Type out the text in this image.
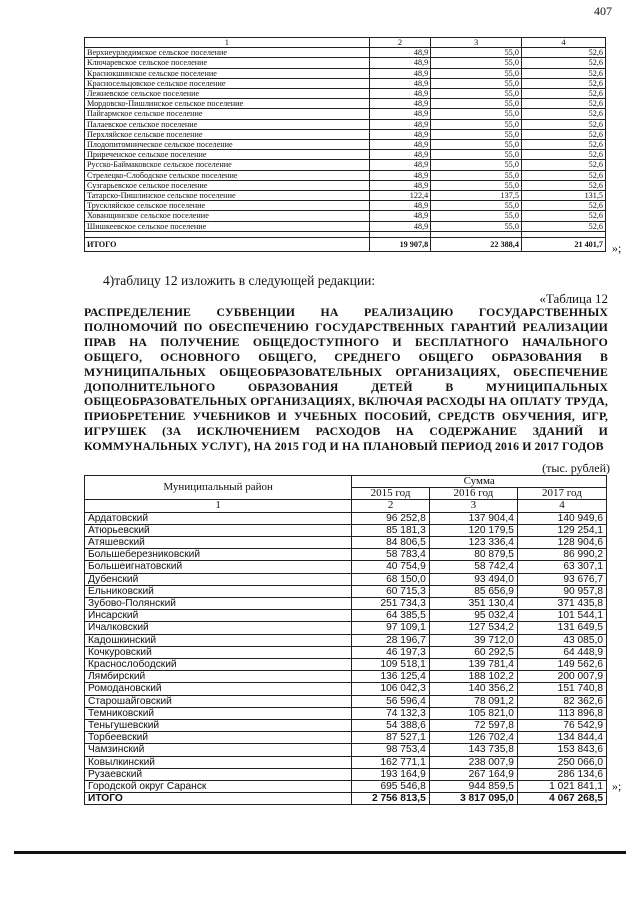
407
1	2	3	4
Верхнеурледимское сельское поселение	48,9	55,0	52,6
Ключаревское сельское поселение	48,9	55,0	52,6
Краснокшинское сельское поселение	48,9	55,0	52,6
Красносельцовское сельское поселение	48,9	55,0	52,6
Лежневское сельское поселение	48,9	55,0	52,6
Мордовско-Пишлинское сельское поселение	48,9	55,0	52,6
Пайгармское сельское поселение	48,9	55,0	52,6
Палаевское сельское поселение	48,9	55,0	52,6
Перхляйское сельское поселение	48,9	55,0	52,6
Плодопитомническое сельское поселение	48,9	55,0	52,6
Приреченское сельское поселение	48,9	55,0	52,6
Русско-Баймаковское сельское поселение	48,9	55,0	52,6
Стрелецко-Слободское сельское поселение	48,9	55,0	52,6
Сузгарьевское сельское поселение	48,9	55,0	52,6
Татарско-Пишлинское сельское поселение	122,4	137,5	131,5
Трускляйское сельское поселение	48,9	55,0	52,6
Хованщинское сельское поселение	48,9	55,0	52,6
Шишкеевское сельское поселение	48,9	55,0	52,6

ИТОГО	19 907,8	22 388,4	21 401,7 »;
4)таблицу 12 изложить в следующей редакции:
«Таблица 12
РАСПРЕДЕЛЕНИЕ СУБВЕНЦИИ НА РЕАЛИЗАЦИЮ ГОСУДАРСТВЕННЫХ ПОЛНОМОЧИЙ ПО ОБЕСПЕЧЕНИЮ ГОСУДАРСТВЕННЫХ ГАРАНТИЙ РЕАЛИЗАЦИИ ПРАВ НА ПОЛУЧЕНИЕ ОБЩЕДОСТУПНОГО И БЕСПЛАТНОГО НАЧАЛЬНОГО ОБЩЕГО, ОСНОВНОГО ОБЩЕГО, СРЕДНЕГО ОБЩЕГО ОБРАЗОВАНИЯ В МУНИЦИПАЛЬНЫХ ОБЩЕОБРАЗОВАТЕЛЬНЫХ ОРГАНИЗАЦИЯХ, ОБЕСПЕЧЕНИЕ ДОПОЛНИТЕЛЬНОГО ОБРАЗОВАНИЯ ДЕТЕЙ В МУНИЦИПАЛЬНЫХ ОБЩЕОБРАЗОВАТЕЛЬНЫХ ОРГАНИЗАЦИЯХ, ВКЛЮЧАЯ РАСХОДЫ НА ОПЛАТУ ТРУДА, ПРИОБРЕТЕНИЕ УЧЕБНИКОВ И УЧЕБНЫХ ПОСОБИЙ, СРЕДСТВ ОБУЧЕНИЯ, ИГР, ИГРУШЕК (ЗА ИСКЛЮЧЕНИЕМ РАСХОДОВ НА СОДЕРЖАНИЕ ЗДАНИЙ И КОММУНАЛЬНЫХ УСЛУГ), НА 2015 ГОД И НА ПЛАНОВЫЙ ПЕРИОД 2016 И 2017 ГОДОВ
(тыс. рублей)
Муниципальный район	Сумма		
	2015 год	2016 год	2017 год
1	2	3	4
Ардатовский	96 252,8	137 904,4	140 949,6
Атюрьевский	85 181,3	120 179,5	129 254,1
Атяшевский	84 806,5	123 336,4	128 904,6
Большеберезниковский	58 783,4	80 879,5	86 990,2
Большеигнатовский	40 754,9	58 742,4	63 307,1
Дубенский	68 150,0	93 494,0	93 676,7
Ельниковский	60 715,3	85 656,9	90 957,8
Зубово-Полянский	251 734,3	351 130,4	371 435,8
Инсарский	64 385,5	95 032,4	101 544,1
Ичалковский	97 109,1	127 534,2	131 649,5
Кадошкинский	28 196,7	39 712,0	43 085,0
Кочкуровский	46 197,3	60 292,5	64 448,9
Краснослободский	109 518,1	139 781,4	149 562,6
Лямбирский	136 125,4	188 102,2	200 007,9
Ромодановский	106 042,3	140 356,2	151 740,8
Старошайговский	56 596,4	78 091,2	82 362,6
Темниковский	74 132,3	105 821,0	113 896,8
Теньгушевский	54 388,6	72 597,8	76 542,9
Торбеевский	87 527,1	126 702,4	134 844,4
Чамзинский	98 753,4	143 735,8	153 843,6
Ковылкинский	162 771,1	238 007,9	250 066,0
Рузаевский	193 164,9	267 164,9	286 134,6
Городской округ Саранск	695 546,8	944 859,5	1 021 841,1
ИТОГО	2 756 813,5	3 817 095,0	4 067 268,5
»;
